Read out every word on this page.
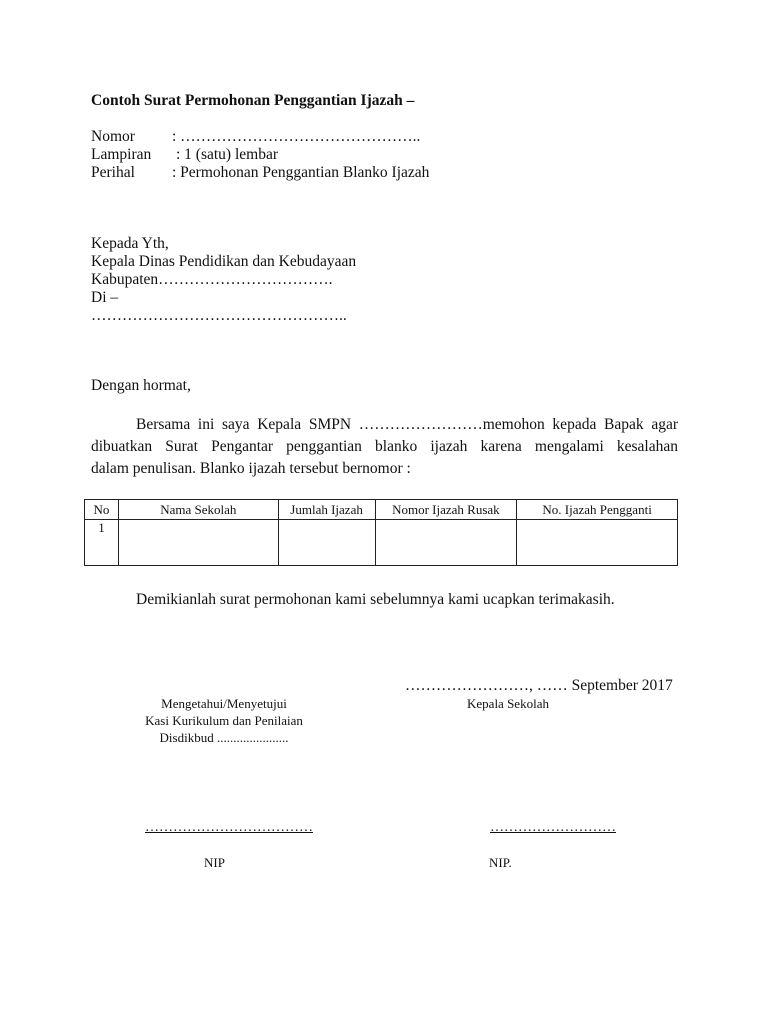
Contoh Surat Permohonan Penggantian Ijazah –
Nomor : ………………………………………..
Lampiran : 1 (satu) lembar
Perihal : Permohonan Penggantian Blanko Ijazah
Kepada Yth,
Kepala Dinas Pendidikan dan Kebudayaan
Kabupaten…………………………….
Di –
…………………………………………..
Dengan hormat,
Bersama ini saya Kepala SMPN ……………………memohon kepada Bapak agar
dibuatkan Surat Pengantar penggantian blanko ijazah karena mengalami kesalahan
dalam penulisan. Blanko ijazah tersebut bernomor :
No	Nama Sekolah	Jumlah Ijazah	Nomor Ijazah Rusak	No. Ijazah Pengganti
1				
Demikianlah surat permohonan kami sebelumnya kami ucapkan terimakasih.
……………………, …… September 2017
Mengetahui/Menyetujui
Kasi Kurikulum dan Penilaian
Disdikbud ......................
Kepala Sekolah
………………………………	………………………
NIP	NIP.
